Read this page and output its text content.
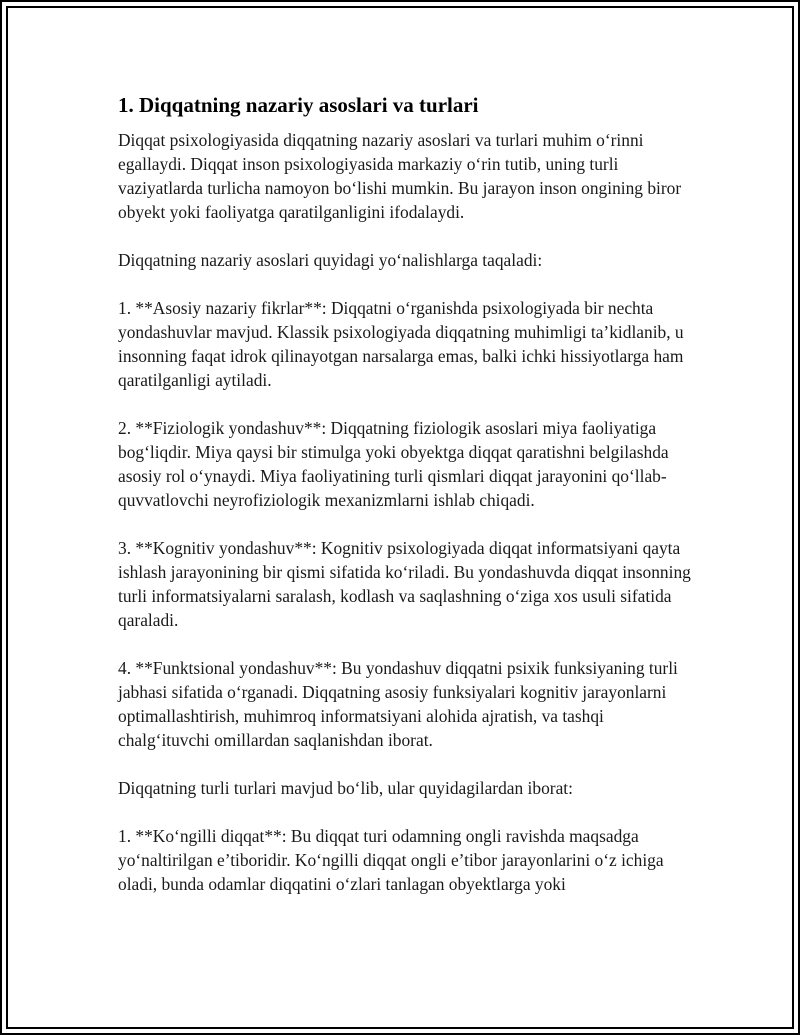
1. Diqqatning nazariy asoslari va turlari

Diqqat psixologiyasida diqqatning nazariy asoslari va turlari muhim o‘rinni egallaydi. Diqqat inson psixologiyasida markaziy o‘rin tutib, uning turli vaziyatlarda turlicha namoyon bo‘lishi mumkin. Bu jarayon inson ongining biror obyekt yoki faoliyatga qaratilganligini ifodalaydi.

Diqqatning nazariy asoslari quyidagi yo‘nalishlarga taqaladi:

1. **Asosiy nazariy fikrlar**: Diqqatni o‘rganishda psixologiyada bir nechta yondashuvlar mavjud. Klassik psixologiyada diqqatning muhimligi ta’kidlanib, u insonning faqat idrok qilinayotgan narsalarga emas, balki ichki hissiyotlarga ham qaratilganligi aytiladi.

2. **Fiziologik yondashuv**: Diqqatning fiziologik asoslari miya faoliyatiga bog‘liqdir. Miya qaysi bir stimulga yoki obyektga diqqat qaratishni belgilashda asosiy rol o‘ynaydi. Miya faoliyatining turli qismlari diqqat jarayonini qo‘llab-quvvatlovchi neyrofiziologik mexanizmlarni ishlab chiqadi.

3. **Kognitiv yondashuv**: Kognitiv psixologiyada diqqat informatsiyani qayta ishlash jarayonining bir qismi sifatida ko‘riladi. Bu yondashuvda diqqat insonning turli informatsiyalarni saralash, kodlash va saqlashning o‘ziga xos usuli sifatida qaraladi.

4. **Funktsional yondashuv**: Bu yondashuv diqqatni psixik funksiyaning turli jabhasi sifatida o‘rganadi. Diqqatning asosiy funksiyalari kognitiv jarayonlarni optimallashtirish, muhimroq informatsiyani alohida ajratish, va tashqi chalg‘ituvchi omillardan saqlanishdan iborat.

Diqqatning turli turlari mavjud bo‘lib, ular quyidagilardan iborat:

1. **Ko‘ngilli diqqat**: Bu diqqat turi odamning ongli ravishda maqsadga yo‘naltirilgan e’tiboridir. Ko‘ngilli diqqat ongli e’tibor jarayonlarini o‘z ichiga oladi, bunda odamlar diqqatini o‘zlari tanlagan obyektlarga yoki
